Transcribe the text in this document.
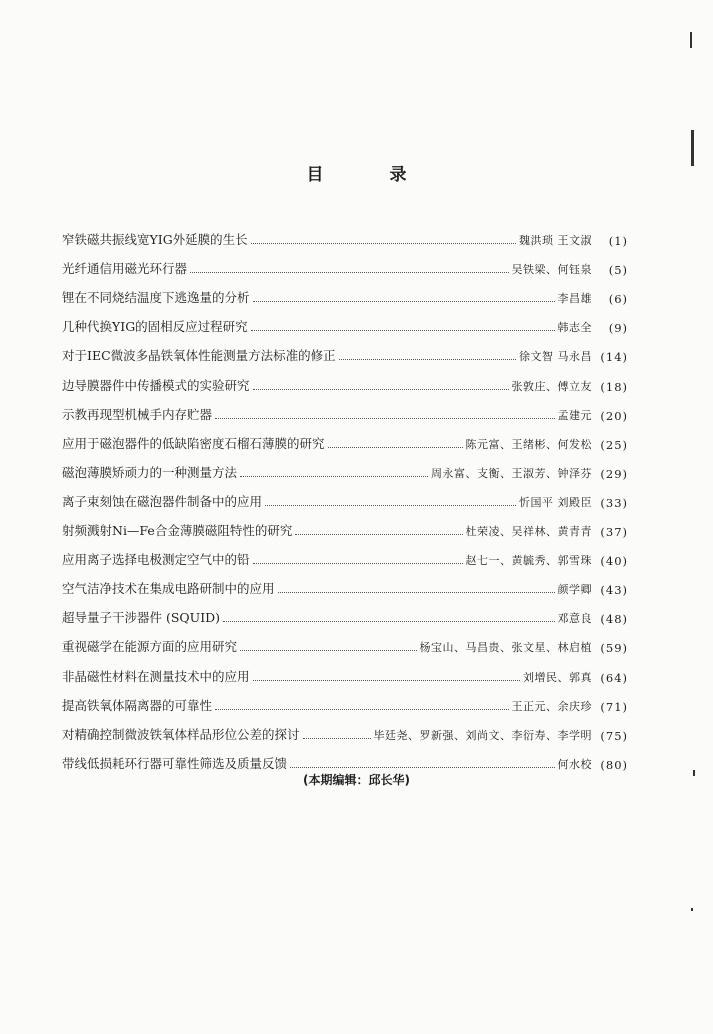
目 录
窄铁磁共振线宽YIG外延膜的生长	魏洪琐 王文淑	(1)
光纤通信用磁光环行器	吴铁梁、何钰泉	(5)
锂在不同烧结温度下逃逸量的分析	李昌雄	(6)
几种代换YIG的固相反应过程研究	韩志全	(9)
对于IEC微波多晶铁氧体性能测量方法标准的修正	徐文智 马永昌 (14)
边导膜器件中传播模式的实验研究	张敦庄、傅立友 (18)
示教再现型机械手内存贮器	孟建元 (20)
应用于磁泡器件的低缺陷密度石榴石薄膜的研究	陈元富、王绪彬、何发松 (25)
磁泡薄膜矫顽力的一种测量方法	周永富、支衡、王淑芳、钟泽芬 (29)
离子束刻蚀在磁泡器件制备中的应用	忻国平 刘殿臣 (33)
射频溅射Ni—Fe合金薄膜磁阻特性的研究	杜荣凌、吴祥林、黄青青 (37)
应用离子选择电极测定空气中的铅	赵七一、黄毓秀、郭雪珠 (40)
空气洁净技术在集成电路研制中的应用	颜学卿 (43)
超导量子干涉器件 (SQUID)	邓意良 (48)
重视磁学在能源方面的应用研究	杨宝山、马昌贵、张文星、林启植 (59)
非晶磁性材料在测量技术中的应用	刘增民、郭真 (64)
提高铁氧体隔离器的可靠性	王正元、余庆珍 (71)
对精确控制微波铁氧体样品形位公差的探讨	毕廷尧、罗新强、刘尚文、李衍寿、李学明 (75)
带线低损耗环行器可靠性筛选及质量反馈	何水校 (80)
(本期编辑：邱长华)
